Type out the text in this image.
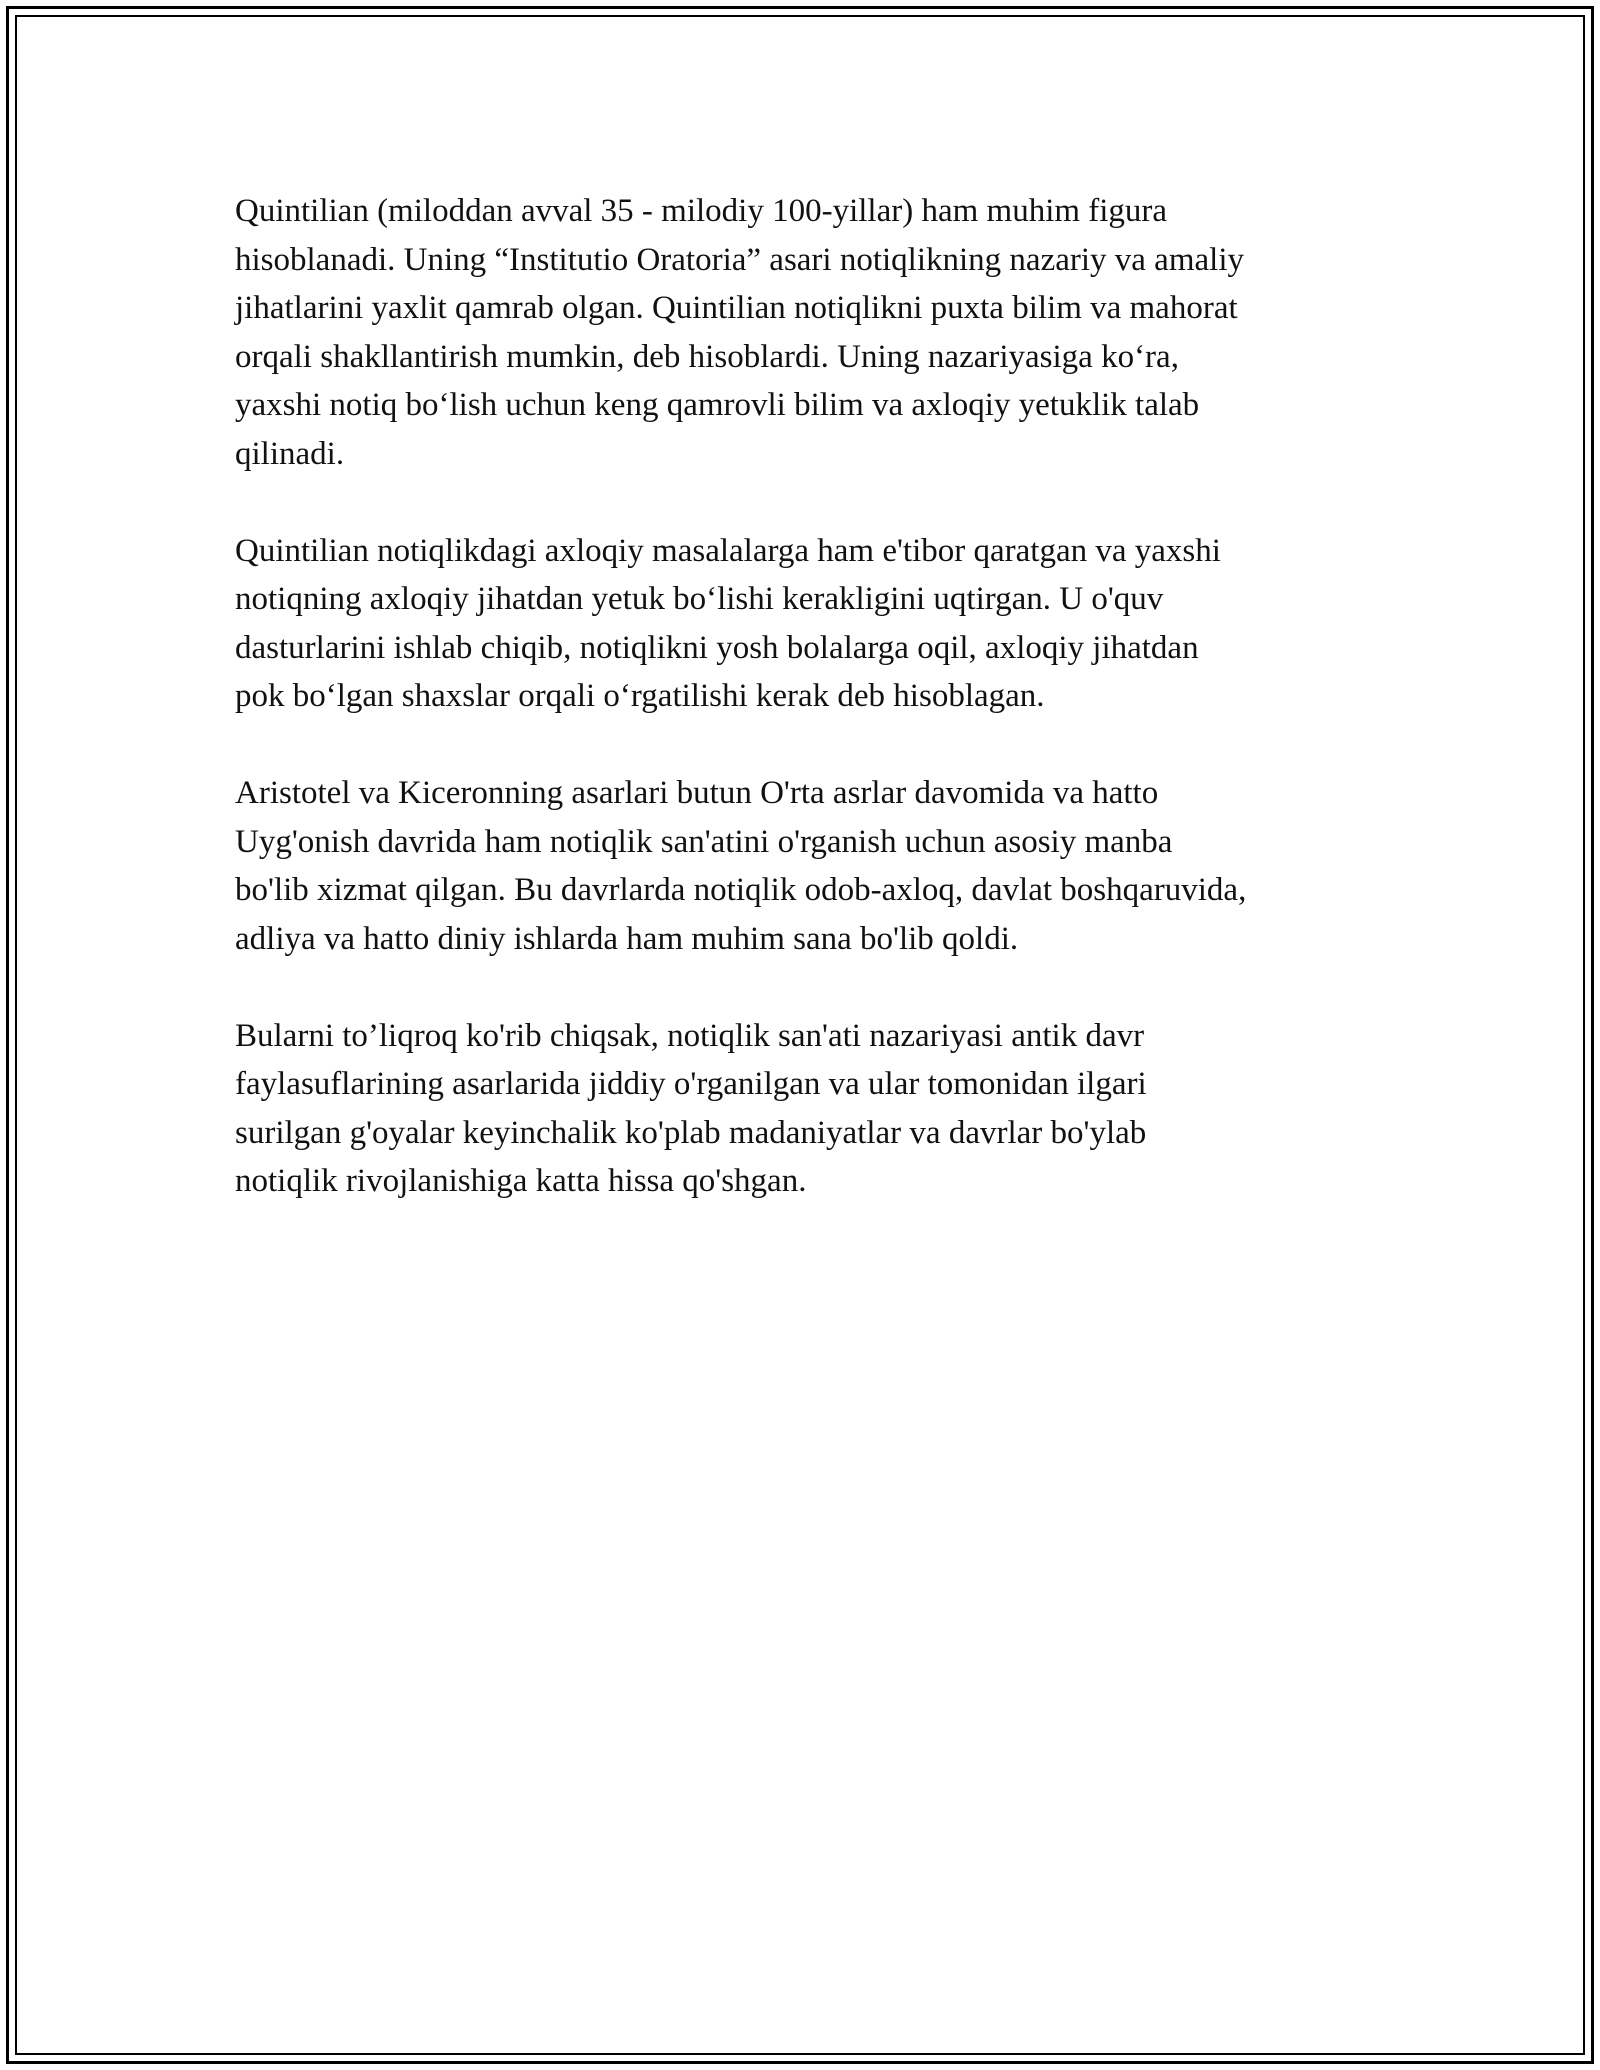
Quintilian (miloddan avval 35 - milodiy 100-yillar) ham muhim figura
hisoblanadi. Uning “Institutio Oratoria” asari notiqlikning nazariy va amaliy
jihatlarini yaxlit qamrab olgan. Quintilian notiqlikni puxta bilim va mahorat
orqali shakllantirish mumkin, deb hisoblardi. Uning nazariyasiga ko‘ra,
yaxshi notiq bo‘lish uchun keng qamrovli bilim va axloqiy yetuklik talab
qilinadi.

Quintilian notiqlikdagi axloqiy masalalarga ham e'tibor qaratgan va yaxshi
notiqning axloqiy jihatdan yetuk bo‘lishi kerakligini uqtirgan. U o'quv
dasturlarini ishlab chiqib, notiqlikni yosh bolalarga oqil, axloqiy jihatdan
pok bo‘lgan shaxslar orqali o‘rgatilishi kerak deb hisoblagan.

Aristotel va Kiceronning asarlari butun O'rta asrlar davomida va hatto
Uyg'onish davrida ham notiqlik san'atini o'rganish uchun asosiy manba
bo'lib xizmat qilgan. Bu davrlarda notiqlik odob-axloq, davlat boshqaruvida,
adliya va hatto diniy ishlarda ham muhim sana bo'lib qoldi.

Bularni to’liqroq ko'rib chiqsak, notiqlik san'ati nazariyasi antik davr
faylasuflarining asarlarida jiddiy o'rganilgan va ular tomonidan ilgari
surilgan g'oyalar keyinchalik ko'plab madaniyatlar va davrlar bo'ylab
notiqlik rivojlanishiga katta hissa qo'shgan.
